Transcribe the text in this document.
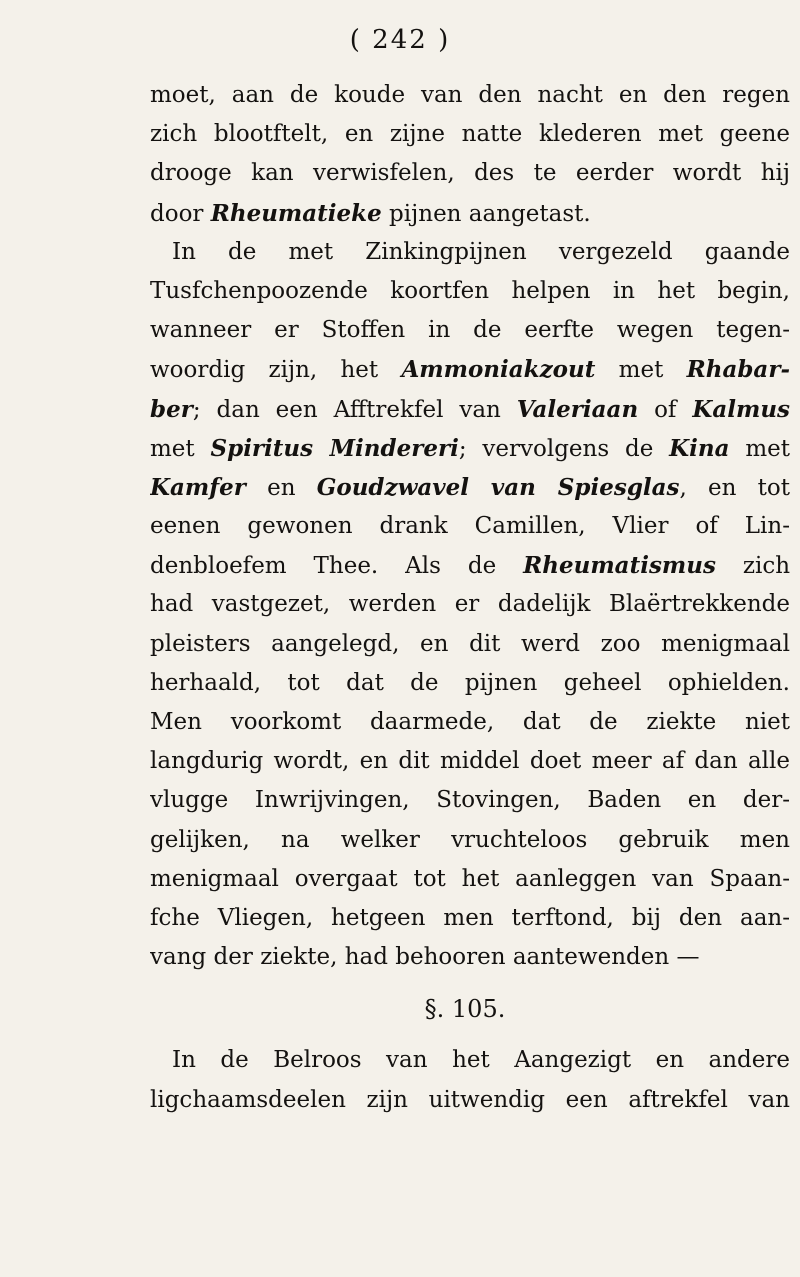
( 242 )
moet, aan de koude van den nacht en den regen
zich blootftelt, en zijne natte klederen met geene
drooge kan verwisfelen, des te eerder wordt hij
door Rheumatieke pijnen aangetast.
In de met Zinkingpijnen vergezeld gaande
Tusfchenpoozende koortfen helpen in het begin,
wanneer er Stoffen in de eerfte wegen tegen-
woordig zijn, het Ammoniakzout met Rhabar-
ber; dan een Afftrekfel van Valeriaan of Kalmus
met Spiritus Mindereri; vervolgens de Kina met
Kamfer en Goudzwavel van Spiesglas, en tot
eenen gewonen drank Camillen, Vlier of Lin-
denbloefem Thee. Als de Rheumatismus zich
had vastgezet, werden er dadelijk Blaërtrekkende
pleisters aangelegd, en dit werd zoo menigmaal
herhaald, tot dat de pijnen geheel ophielden.
Men voorkomt daarmede, dat de ziekte niet
langdurig wordt, en dit middel doet meer af dan alle
vlugge Inwrijvingen, Stovingen, Baden en der-
gelijken, na welker vruchteloos gebruik men
menigmaal overgaat tot het aanleggen van Spaan-
fche Vliegen, hetgeen men terftond, bij den aan-
vang der ziekte, had behooren aantewenden —
§. 105.
In de Belroos van het Aangezigt en andere
ligchaamsdeelen zijn uitwendig een aftrekfel van
